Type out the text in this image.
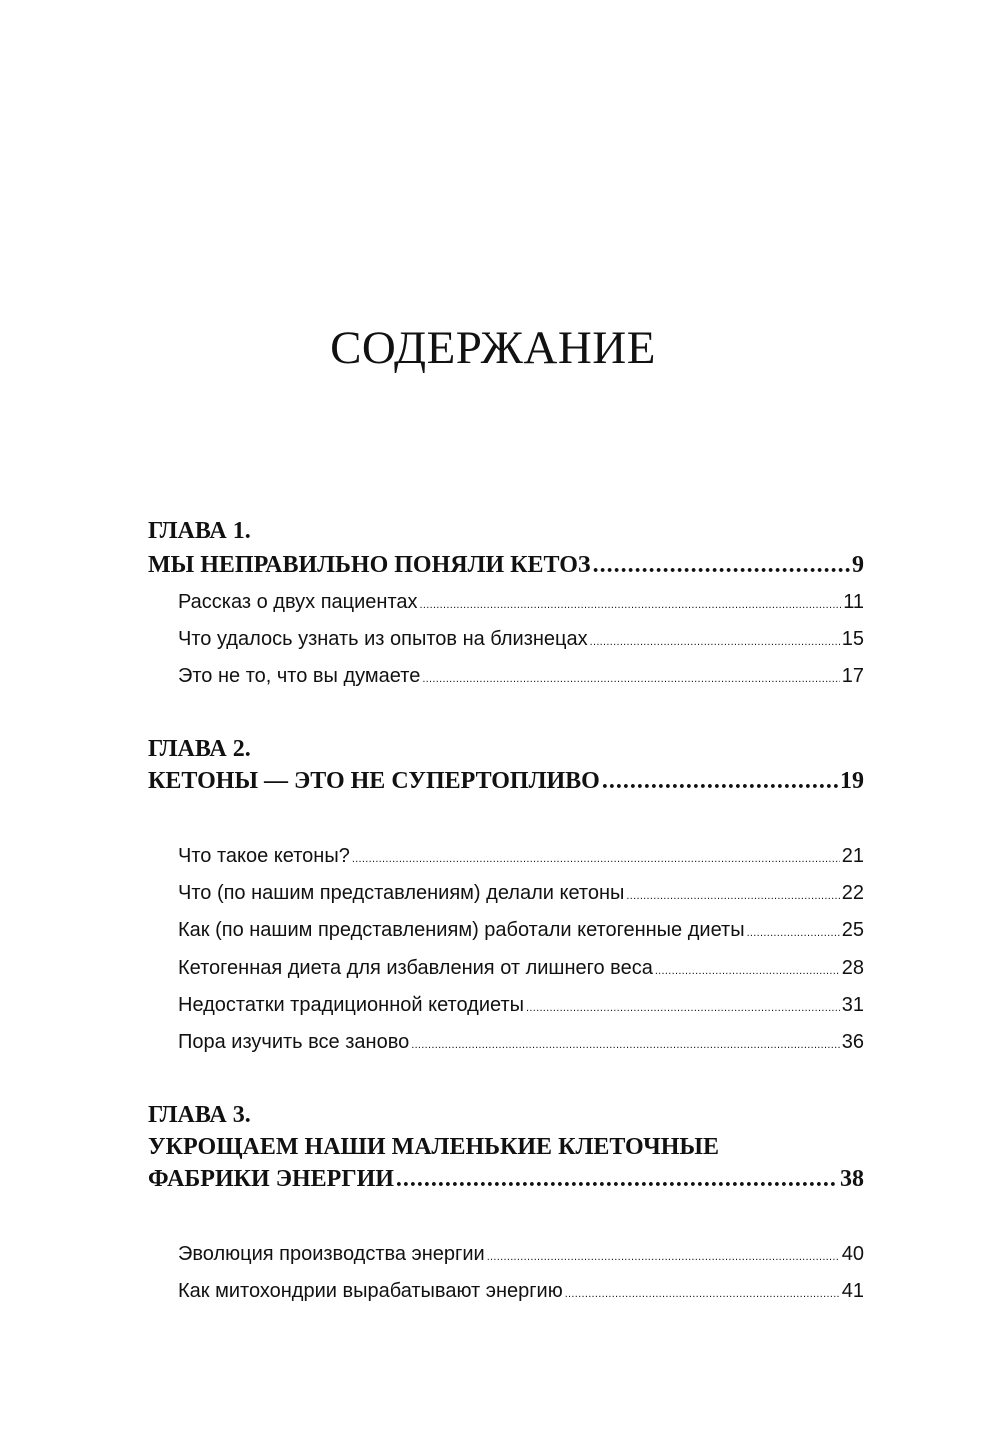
СОДЕРЖАНИЕ
ГЛАВА 1.
МЫ НЕПРАВИЛЬНО ПОНЯЛИ КЕТОЗ .....	9
Рассказ о двух пациентах .....	11
Что удалось узнать из опытов на близнецах .....	15
Это не то, что вы думаете .....	17
ГЛАВА 2.
КЕТОНЫ — ЭТО НЕ СУПЕРТОПЛИВО .....	19
Что такое кетоны? .....	21
Что (по нашим представлениям) делали кетоны .....	22
Как (по нашим представлениям) работали кетогенные диеты .....	25
Кетогенная диета для избавления от лишнего веса .....	28
Недостатки традиционной кетодиеты .....	31
Пора изучить все заново .....	36
ГЛАВА 3.
УКРОЩАЕМ НАШИ МАЛЕНЬКИЕ КЛЕТОЧНЫЕ
ФАБРИКИ ЭНЕРГИИ .....	38
Эволюция производства энергии .....	40
Как митохондрии вырабатывают энергию .....	41
